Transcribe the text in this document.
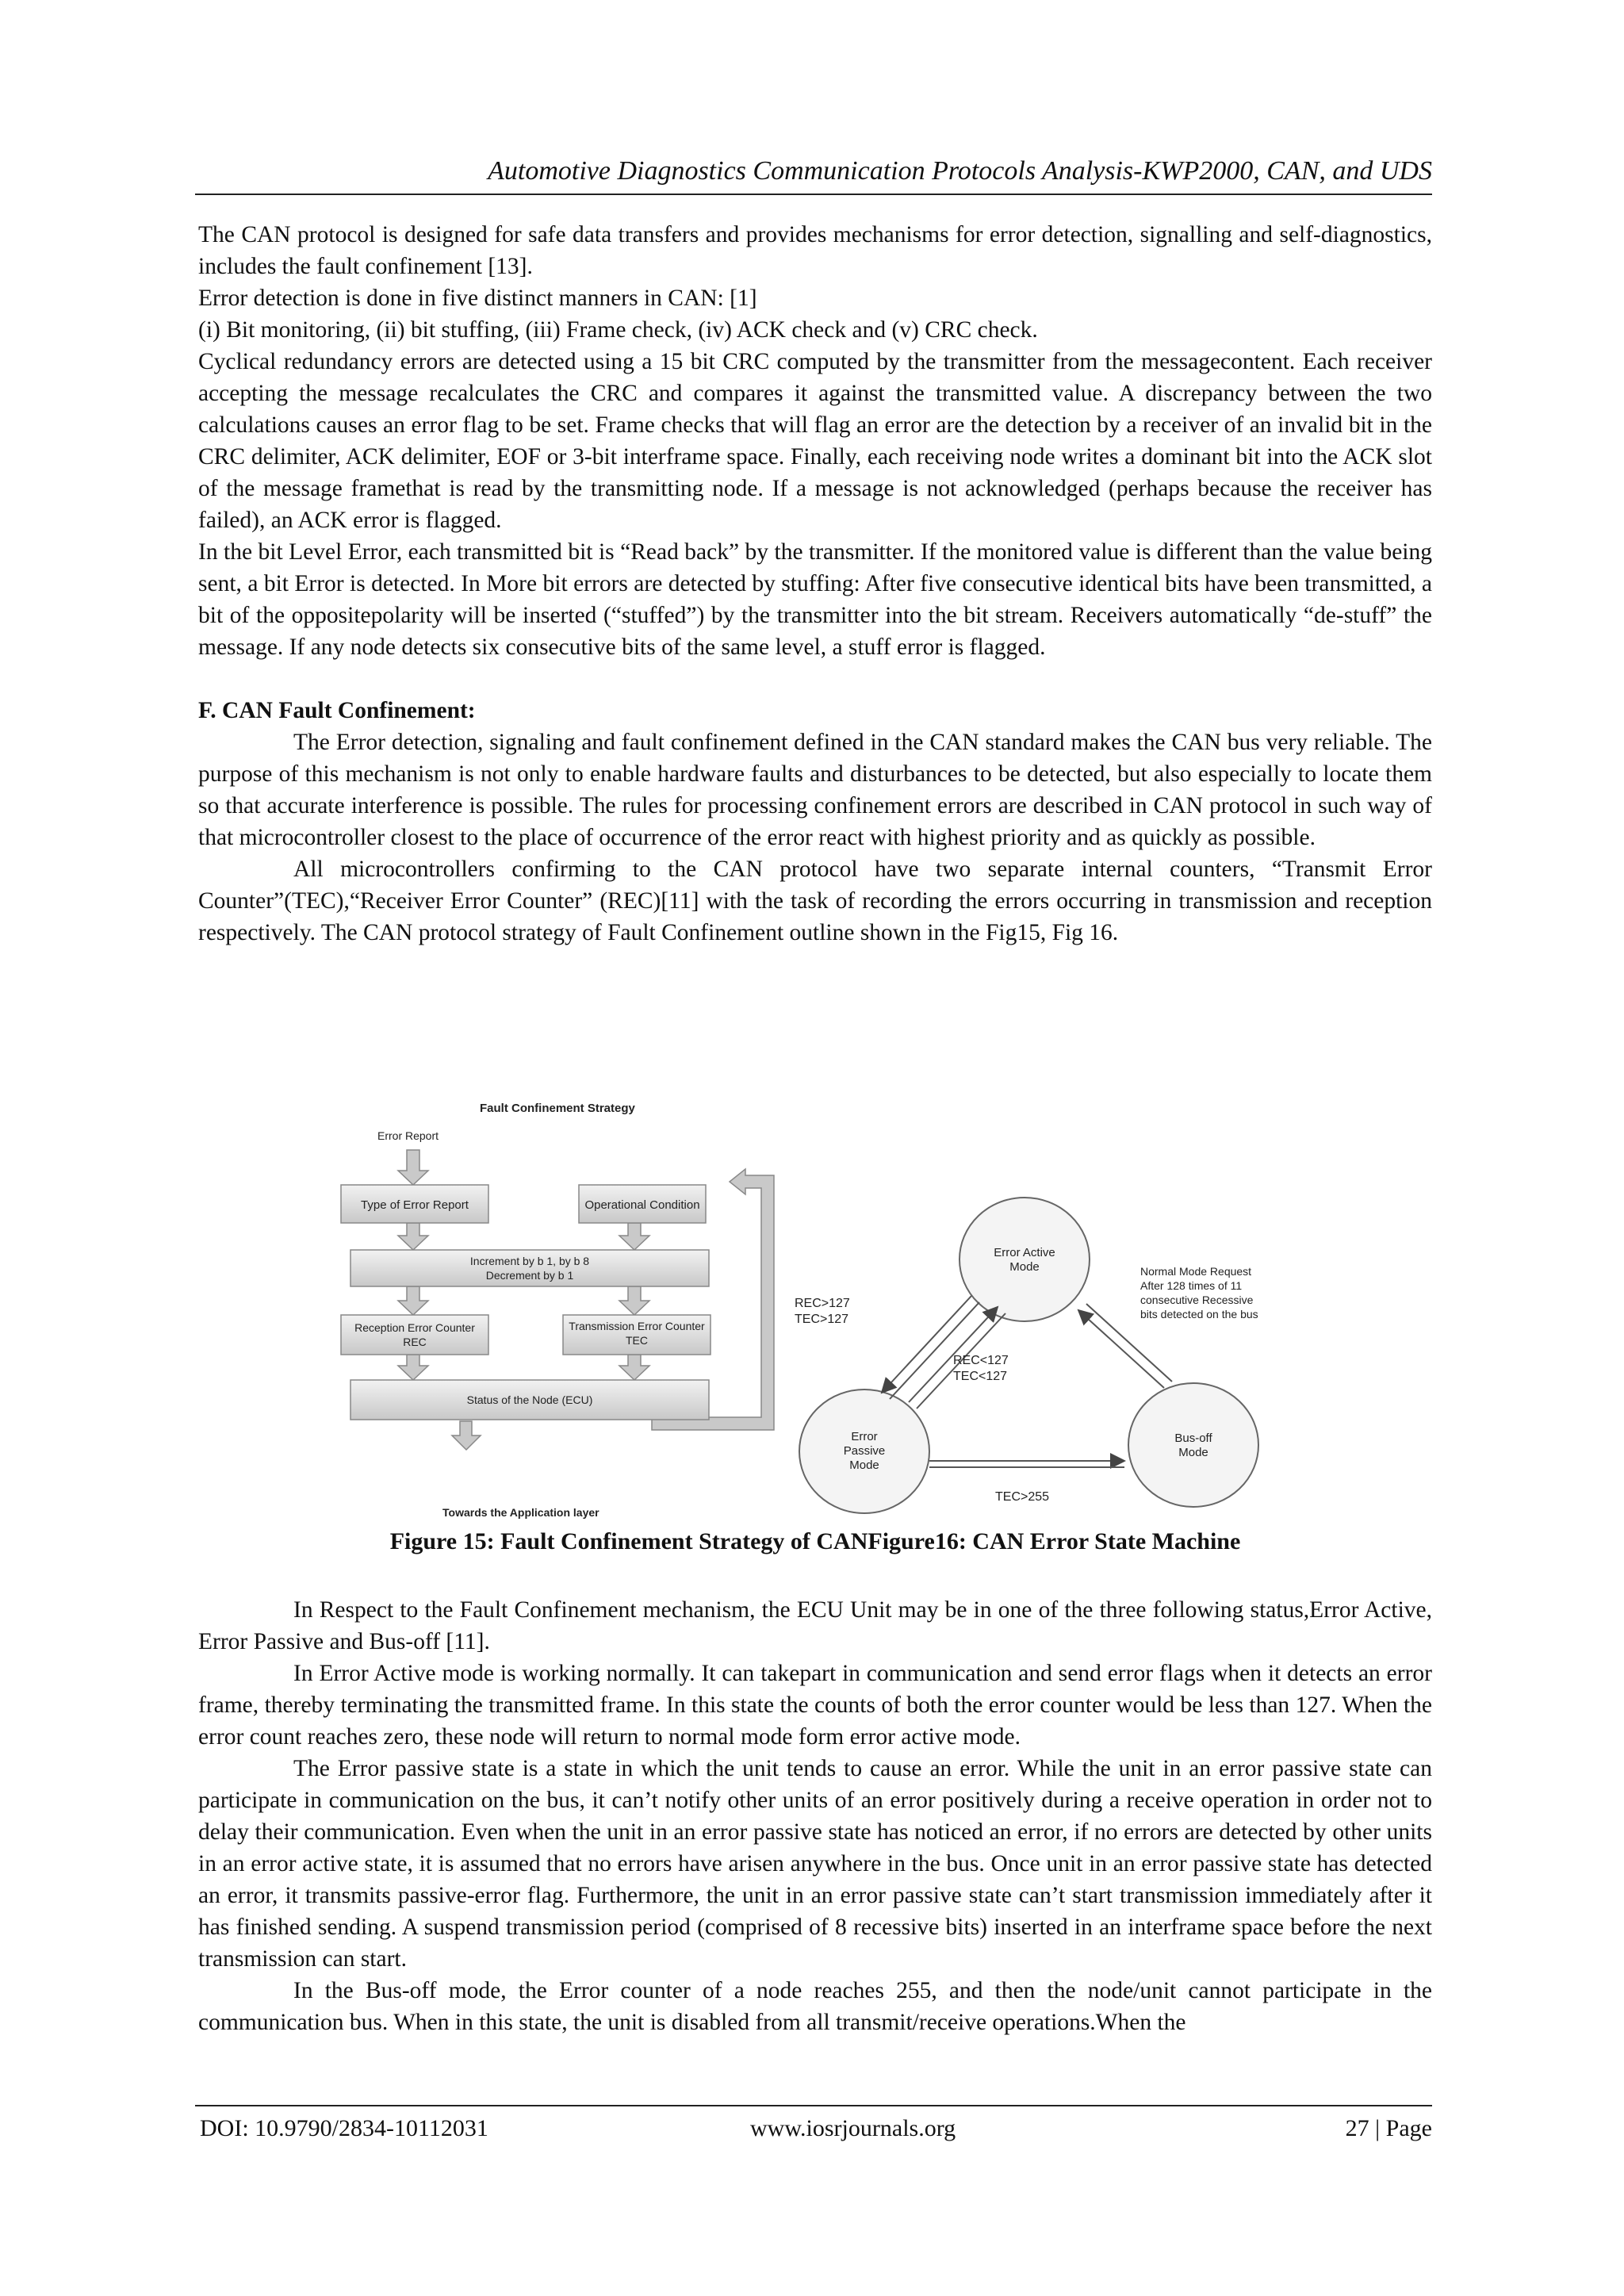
Automotive Diagnostics Communication Protocols Analysis-KWP2000, CAN, and UDS

The CAN protocol is designed for safe data transfers and provides mechanisms for error detection, signalling and self-diagnostics, includes the fault confinement [13].

Error detection is done in five distinct manners in CAN: [1]

(i) Bit monitoring, (ii) bit stuffing, (iii) Frame check, (iv) ACK check and (v) CRC check.

Cyclical redundancy errors are detected using a 15 bit CRC computed by the transmitter from the messagecontent. Each receiver accepting the message recalculates the CRC and compares it against the transmitted value. A discrepancy between the two calculations causes an error flag to be set. Frame checks that will flag an error are the detection by a receiver of an invalid bit in the CRC delimiter, ACK delimiter, EOF or 3-bit interframe space. Finally, each receiving node writes a dominant bit into the ACK slot of the message framethat is read by the transmitting node. If a message is not acknowledged (perhaps because the receiver has failed), an ACK error is flagged.

In the bit Level Error, each transmitted bit is “Read back” by the transmitter. If the monitored value is different than the value being sent, a bit Error is detected. In More bit errors are detected by stuffing: After five consecutive identical bits have been transmitted, a bit of the oppositepolarity will be inserted (“stuffed”) by the transmitter into the bit stream. Receivers automatically “de-stuff” the message. If any node detects six consecutive bits of the same level, a stuff error is flagged.

F. CAN Fault Confinement:

The Error detection, signaling and fault confinement defined in the CAN standard makes the CAN bus very reliable. The purpose of this mechanism is not only to enable hardware faults and disturbances to be detected, but also especially to locate them so that accurate interference is possible. The rules for processing confinement errors are described in CAN protocol in such way of that microcontroller closest to the place of occurrence of the error react with highest priority and as quickly as possible.

All microcontrollers confirming to the CAN protocol have two separate internal counters, “Transmit Error Counter”(TEC),“Receiver Error Counter” (REC)[11] with the task of recording the errors occurring in transmission and reception respectively. The CAN protocol strategy of Fault Confinement outline shown in the Fig15, Fig 16.

Fault Confinement Strategy
Error Report
Type of Error Report	Operational Condition
Increment by b 1, by b 8
Decrement by b 1
Reception Error Counter
REC
Transmission Error Counter
TEC
Status of the Node (ECU)
Towards the Application layer
Error Active
Mode
Error
Passive
Mode
Bus-off
Mode
REC>127
TEC>127
REC<127
TEC<127
TEC>255
Normal Mode Request
After 128 times of 11
consecutive Recessive
bits detected on the bus
Figure 15: Fault Confinement Strategy of CANFigure16: CAN Error State Machine

In Respect to the Fault Confinement mechanism, the ECU Unit may be in one of the three following status,Error Active, Error Passive and Bus-off [11].

In Error Active mode is working normally. It can takepart in communication and send error flags when it detects an error frame, thereby terminating the transmitted frame. In this state the counts of both the error counter would be less than 127. When the error count reaches zero, these node will return to normal mode form error active mode.

The Error passive state is a state in which the unit tends to cause an error. While the unit in an error passive state can participate in communication on the bus, it can’t notify other units of an error positively during a receive operation in order not to delay their communication. Even when the unit in an error passive state has noticed an error, if no errors are detected by other units in an error active state, it is assumed that no errors have arisen anywhere in the bus. Once unit in an error passive state has detected an error, it transmits passive-error flag. Furthermore, the unit in an error passive state can’t start transmission immediately after it has finished sending. A suspend transmission period (comprised of 8 recessive bits) inserted in an interframe space before the next transmission can start.

In the Bus-off mode, the Error counter of a node reaches 255, and then the node/unit cannot participate in the communication bus. When in this state, the unit is disabled from all transmit/receive operations.When the

DOI: 10.9790/2834-10112031	www.iosrjournals.org	27 | Page
